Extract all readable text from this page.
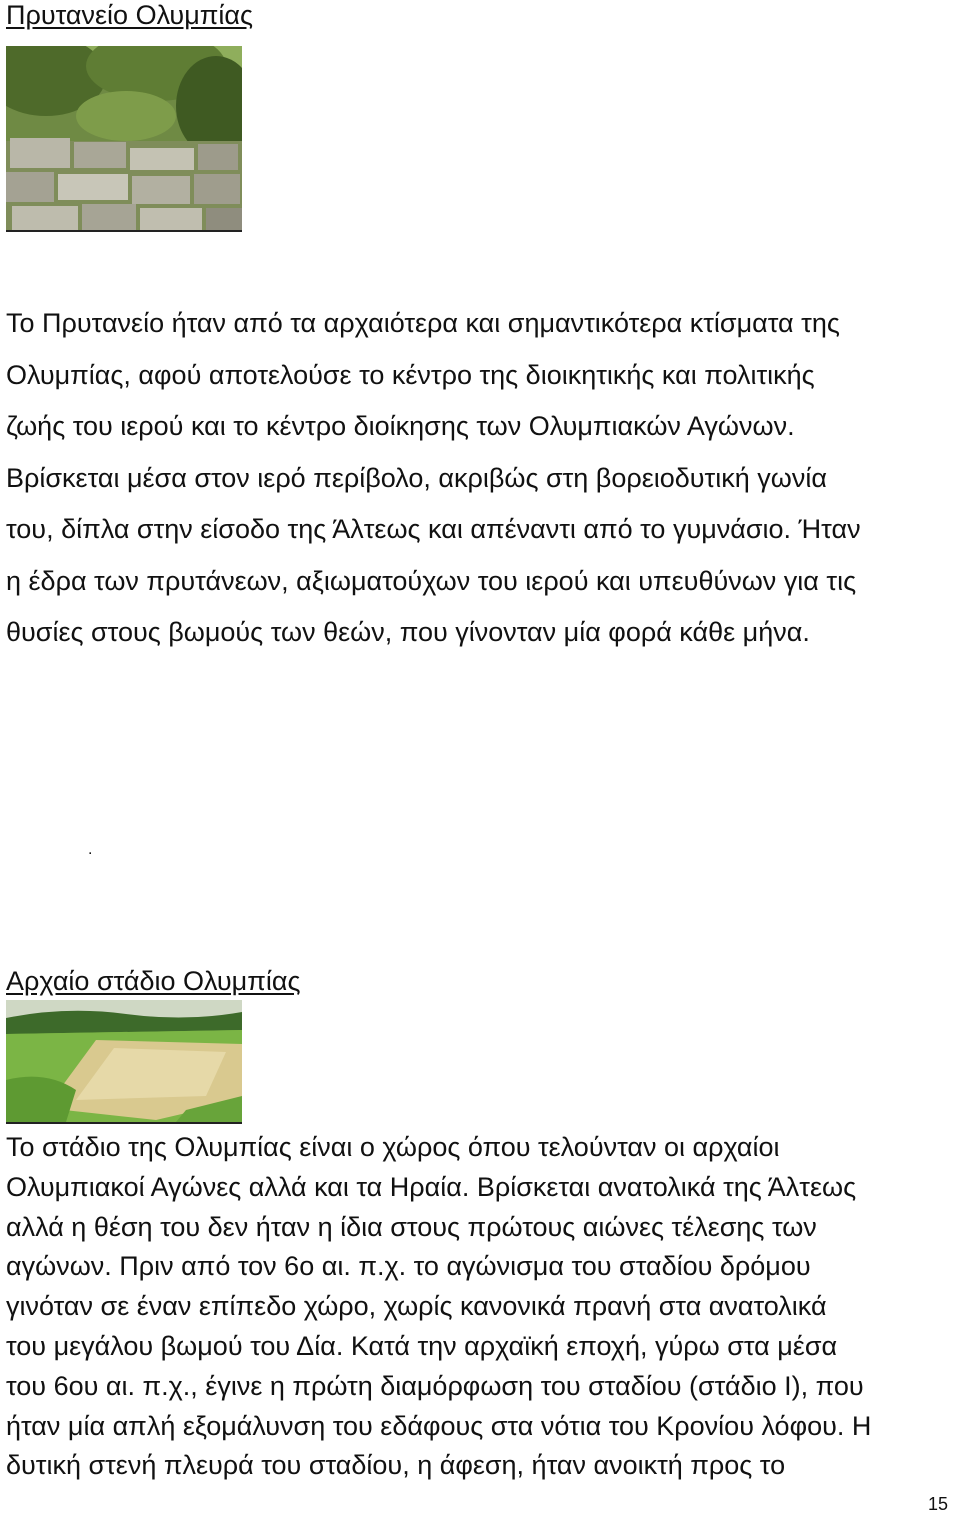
Πρυτανείο Ολυμπίας

Το Πρυτανείο ήταν από τα αρχαιότερα και σημαντικότερα κτίσματα της
Ολυμπίας, αφού αποτελούσε το κέντρο της διοικητικής και πολιτικής
ζωής του ιερού και το κέντρο διοίκησης των Ολυμπιακών Αγώνων.
Βρίσκεται μέσα στον ιερό περίβολο, ακριβώς στη βορειοδυτική γωνία
του, δίπλα στην είσοδο της Άλτεως και απέναντι από το γυμνάσιο. Ήταν
η έδρα των πρυτάνεων, αξιωματούχων του ιερού και υπευθύνων για τις
θυσίες στους βωμούς των θεών, που γίνονταν μία φορά κάθε μήνα.

.
Αρχαίο στάδιο Ολυμπίας

Το στάδιο της Ολυμπίας είναι ο χώρος όπου τελούνταν οι αρχαίοι
Ολυμπιακοί Αγώνες αλλά και τα Ηραία. Βρίσκεται ανατολικά της Άλτεως
αλλά η θέση του δεν ήταν η ίδια στους πρώτους αιώνες τέλεσης των
αγώνων. Πριν από τον 6ο αι. π.χ. το αγώνισμα του σταδίου δρόμου
γινόταν σε έναν επίπεδο χώρο, χωρίς κανονικά πρανή στα ανατολικά
του μεγάλου βωμού του Δία. Κατά την αρχαϊκή εποχή, γύρω στα μέσα
του 6ου αι. π.χ., έγινε η πρώτη διαμόρφωση του σταδίου (στάδιο Ι), που
ήταν μία απλή εξομάλυνση του εδάφους στα νότια του Κρονίου λόφου. Η
δυτική στενή πλευρά του σταδίου, η άφεση, ήταν ανοικτή προς το

15
